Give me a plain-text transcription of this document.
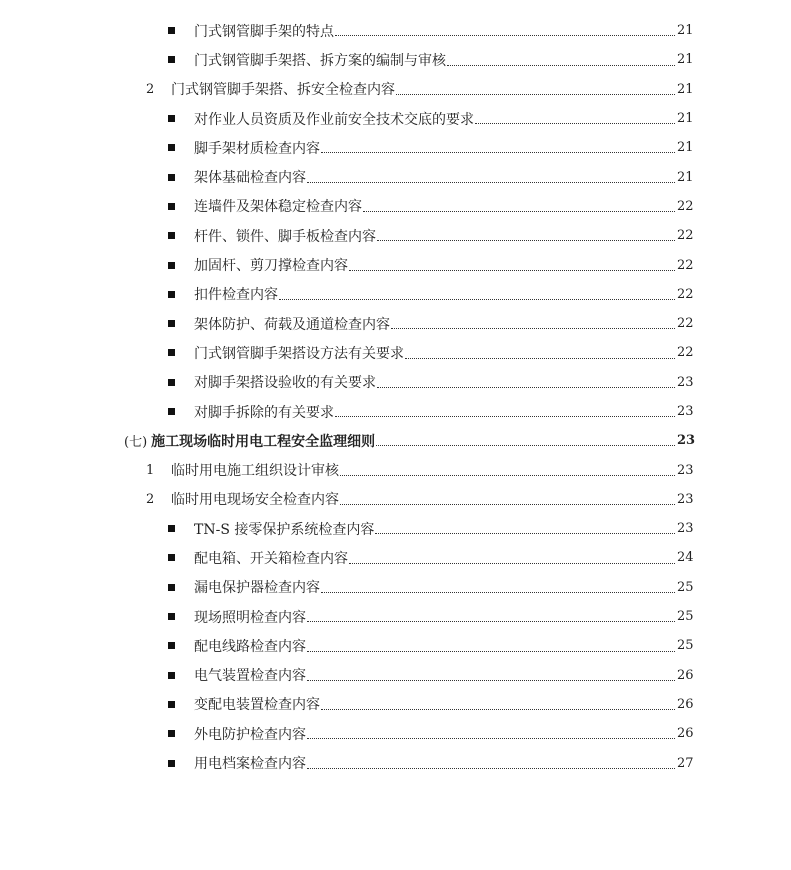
门式钢管脚手架的特点	21
门式钢管脚手架搭、拆方案的编制与审核	21
2 门式钢管脚手架搭、拆安全检查内容	21
对作业人员资质及作业前安全技术交底的要求	21
脚手架材质检查内容	21
架体基础检查内容	21
连墙件及架体稳定检查内容	22
杆件、锁件、脚手板检查内容	22
加固杆、剪刀撑检查内容	22
扣件检查内容	22
架体防护、荷载及通道检查内容	22
门式钢管脚手架搭设方法有关要求	22
对脚手架搭设验收的有关要求	23
对脚手拆除的有关要求	23
(七) 施工现场临时用电工程安全监理细则	23
1 临时用电施工组织设计审核	23
2 临时用电现场安全检查内容	23
TN-S 接零保护系统检查内容	23
配电箱、开关箱检查内容	24
漏电保护器检查内容	25
现场照明检查内容	25
配电线路检查内容	25
电气装置检查内容	26
变配电装置检查内容	26
外电防护检查内容	26
用电档案检查内容	27
